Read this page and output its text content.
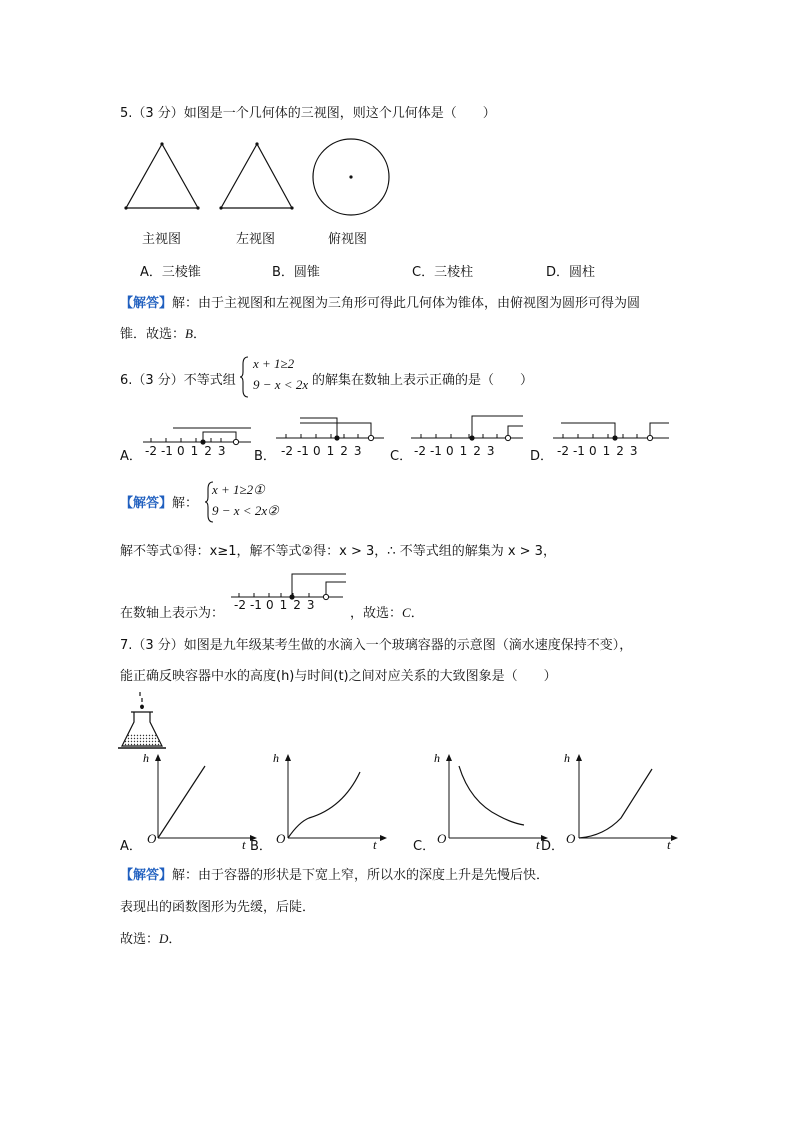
5.（3 分）如图是一个几何体的三视图，则这个几何体是（　　）
主视图	左视图	俯视图
A．三棱锥	B．圆锥	C．三棱柱	D．圆柱
【解答】解：由于主视图和左视图为三角形可得此几何体为锥体，由俯视图为圆形可得为圆
锥．故选：B．
6.（3 分）不等式组
x + 1≥2
9 − x < 2x 的解集在数轴上表示正确的是（　　）
A．	B．	C．	D．
-2 -1 0 1 2 3	-2 -1 0 1 2 3	-2 -1 0 1 2 3	-2 -1 0 1 2 3
【解答】解：
x + 1≥2①
9 − x < 2x②
解不等式①得：x≥1，解不等式②得：x > 3，∴ 不等式组的解集为 x > 3，
在数轴上表示为：
-2 -1 0 1 2 3
，故选：C．
7.（3 分）如图是九年级某考生做的水滴入一个玻璃容器的示意图（滴水速度保持不变），
能正确反映容器中水的高度(h)与时间(t)之间对应关系的大致图象是（　　）
h
A．
O	t
h
B．
O	t
h
C．
O	t
h
D．
O	t
【解答】解：由于容器的形状是下宽上窄，所以水的深度上升是先慢后快．
表现出的函数图形为先缓，后陡．
故选：D．
